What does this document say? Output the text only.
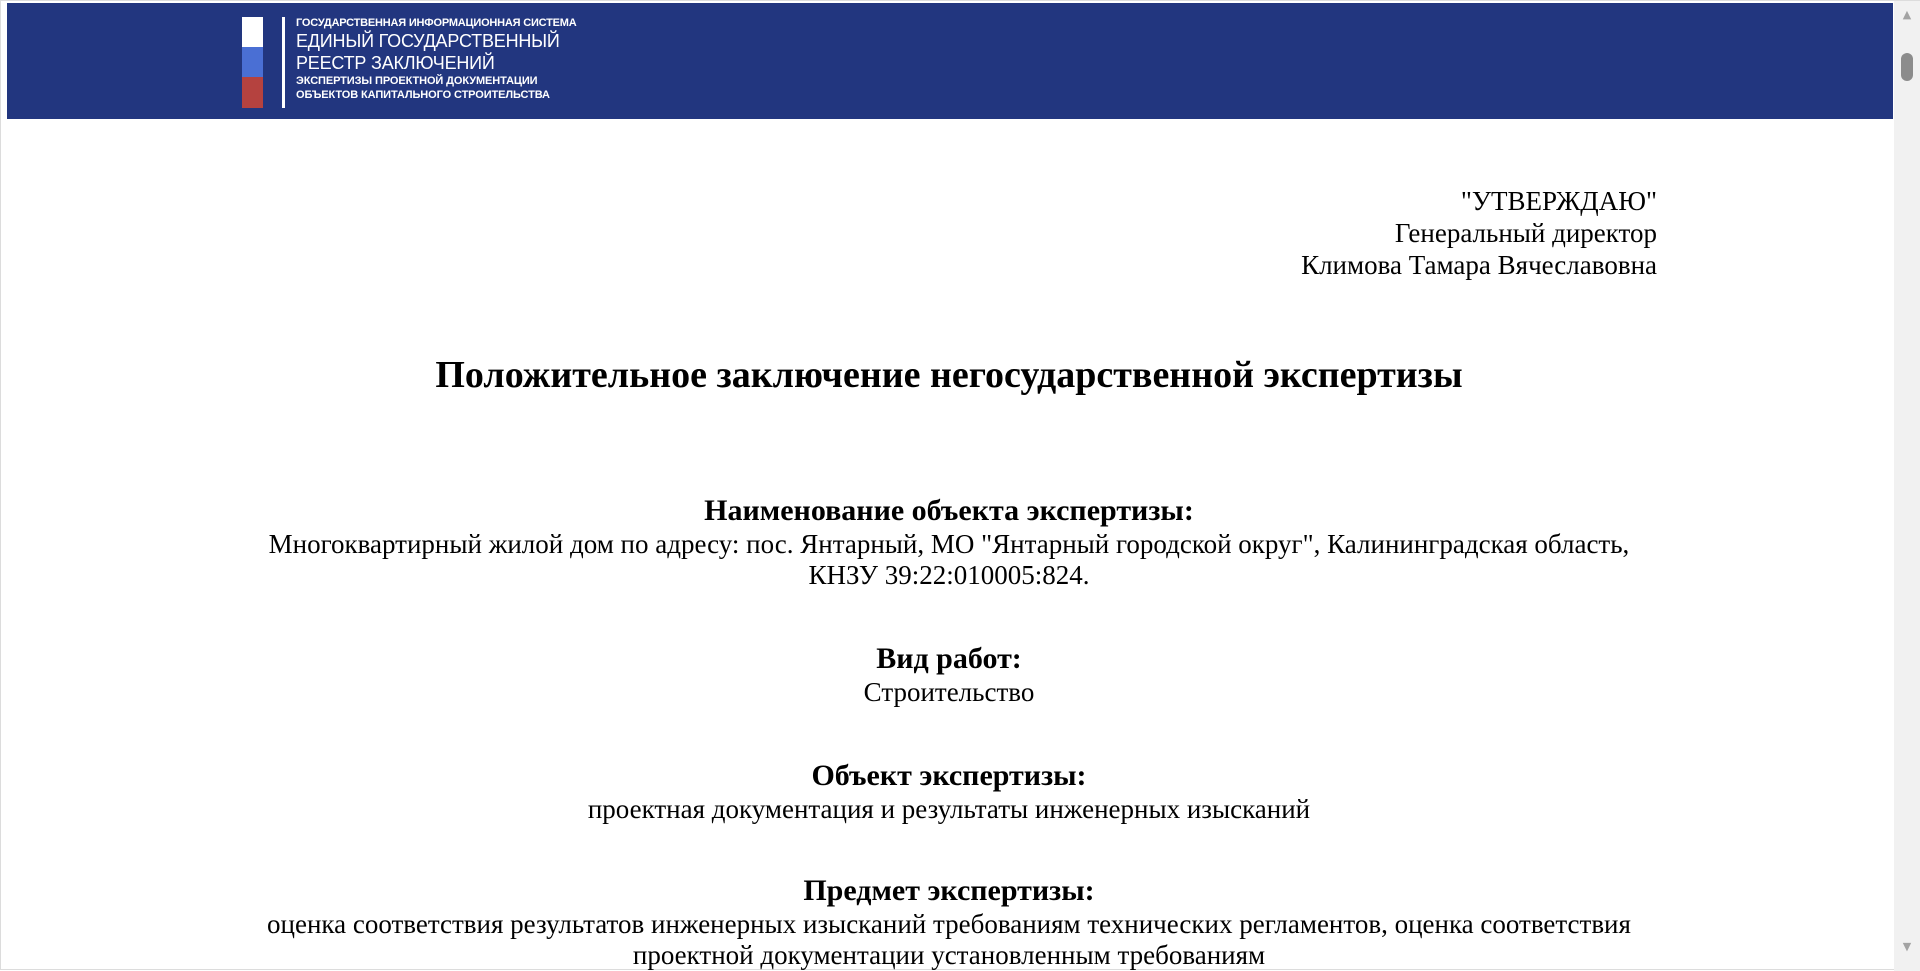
ГОСУДАРСТВЕННАЯ ИНФОРМАЦИОННАЯ СИСТЕМА
ЕДИНЫЙ ГОСУДАРСТВЕННЫЙ
РЕЕСТР ЗАКЛЮЧЕНИЙ
ЭКСПЕРТИЗЫ ПРОЕКТНОЙ ДОКУМЕНТАЦИИ
ОБЪЕКТОВ КАПИТАЛЬНОГО СТРОИТЕЛЬСТВА
"УТВЕРЖДАЮ"
Генеральный директор
Климова Тамара Вячеславовна
Положительное заключение негосударственной экспертизы
Наименование объекта экспертизы:
Многоквартирный жилой дом по адресу: пос. Янтарный, МО "Янтарный городской округ", Калининградская область, КНЗУ 39:22:010005:824.
Вид работ:
Строительство
Объект экспертизы:
проектная документация и результаты инженерных изысканий
Предмет экспертизы:
оценка соответствия результатов инженерных изысканий требованиям технических регламентов, оценка соответствия проектной документации установленным требованиям
▲
▼
